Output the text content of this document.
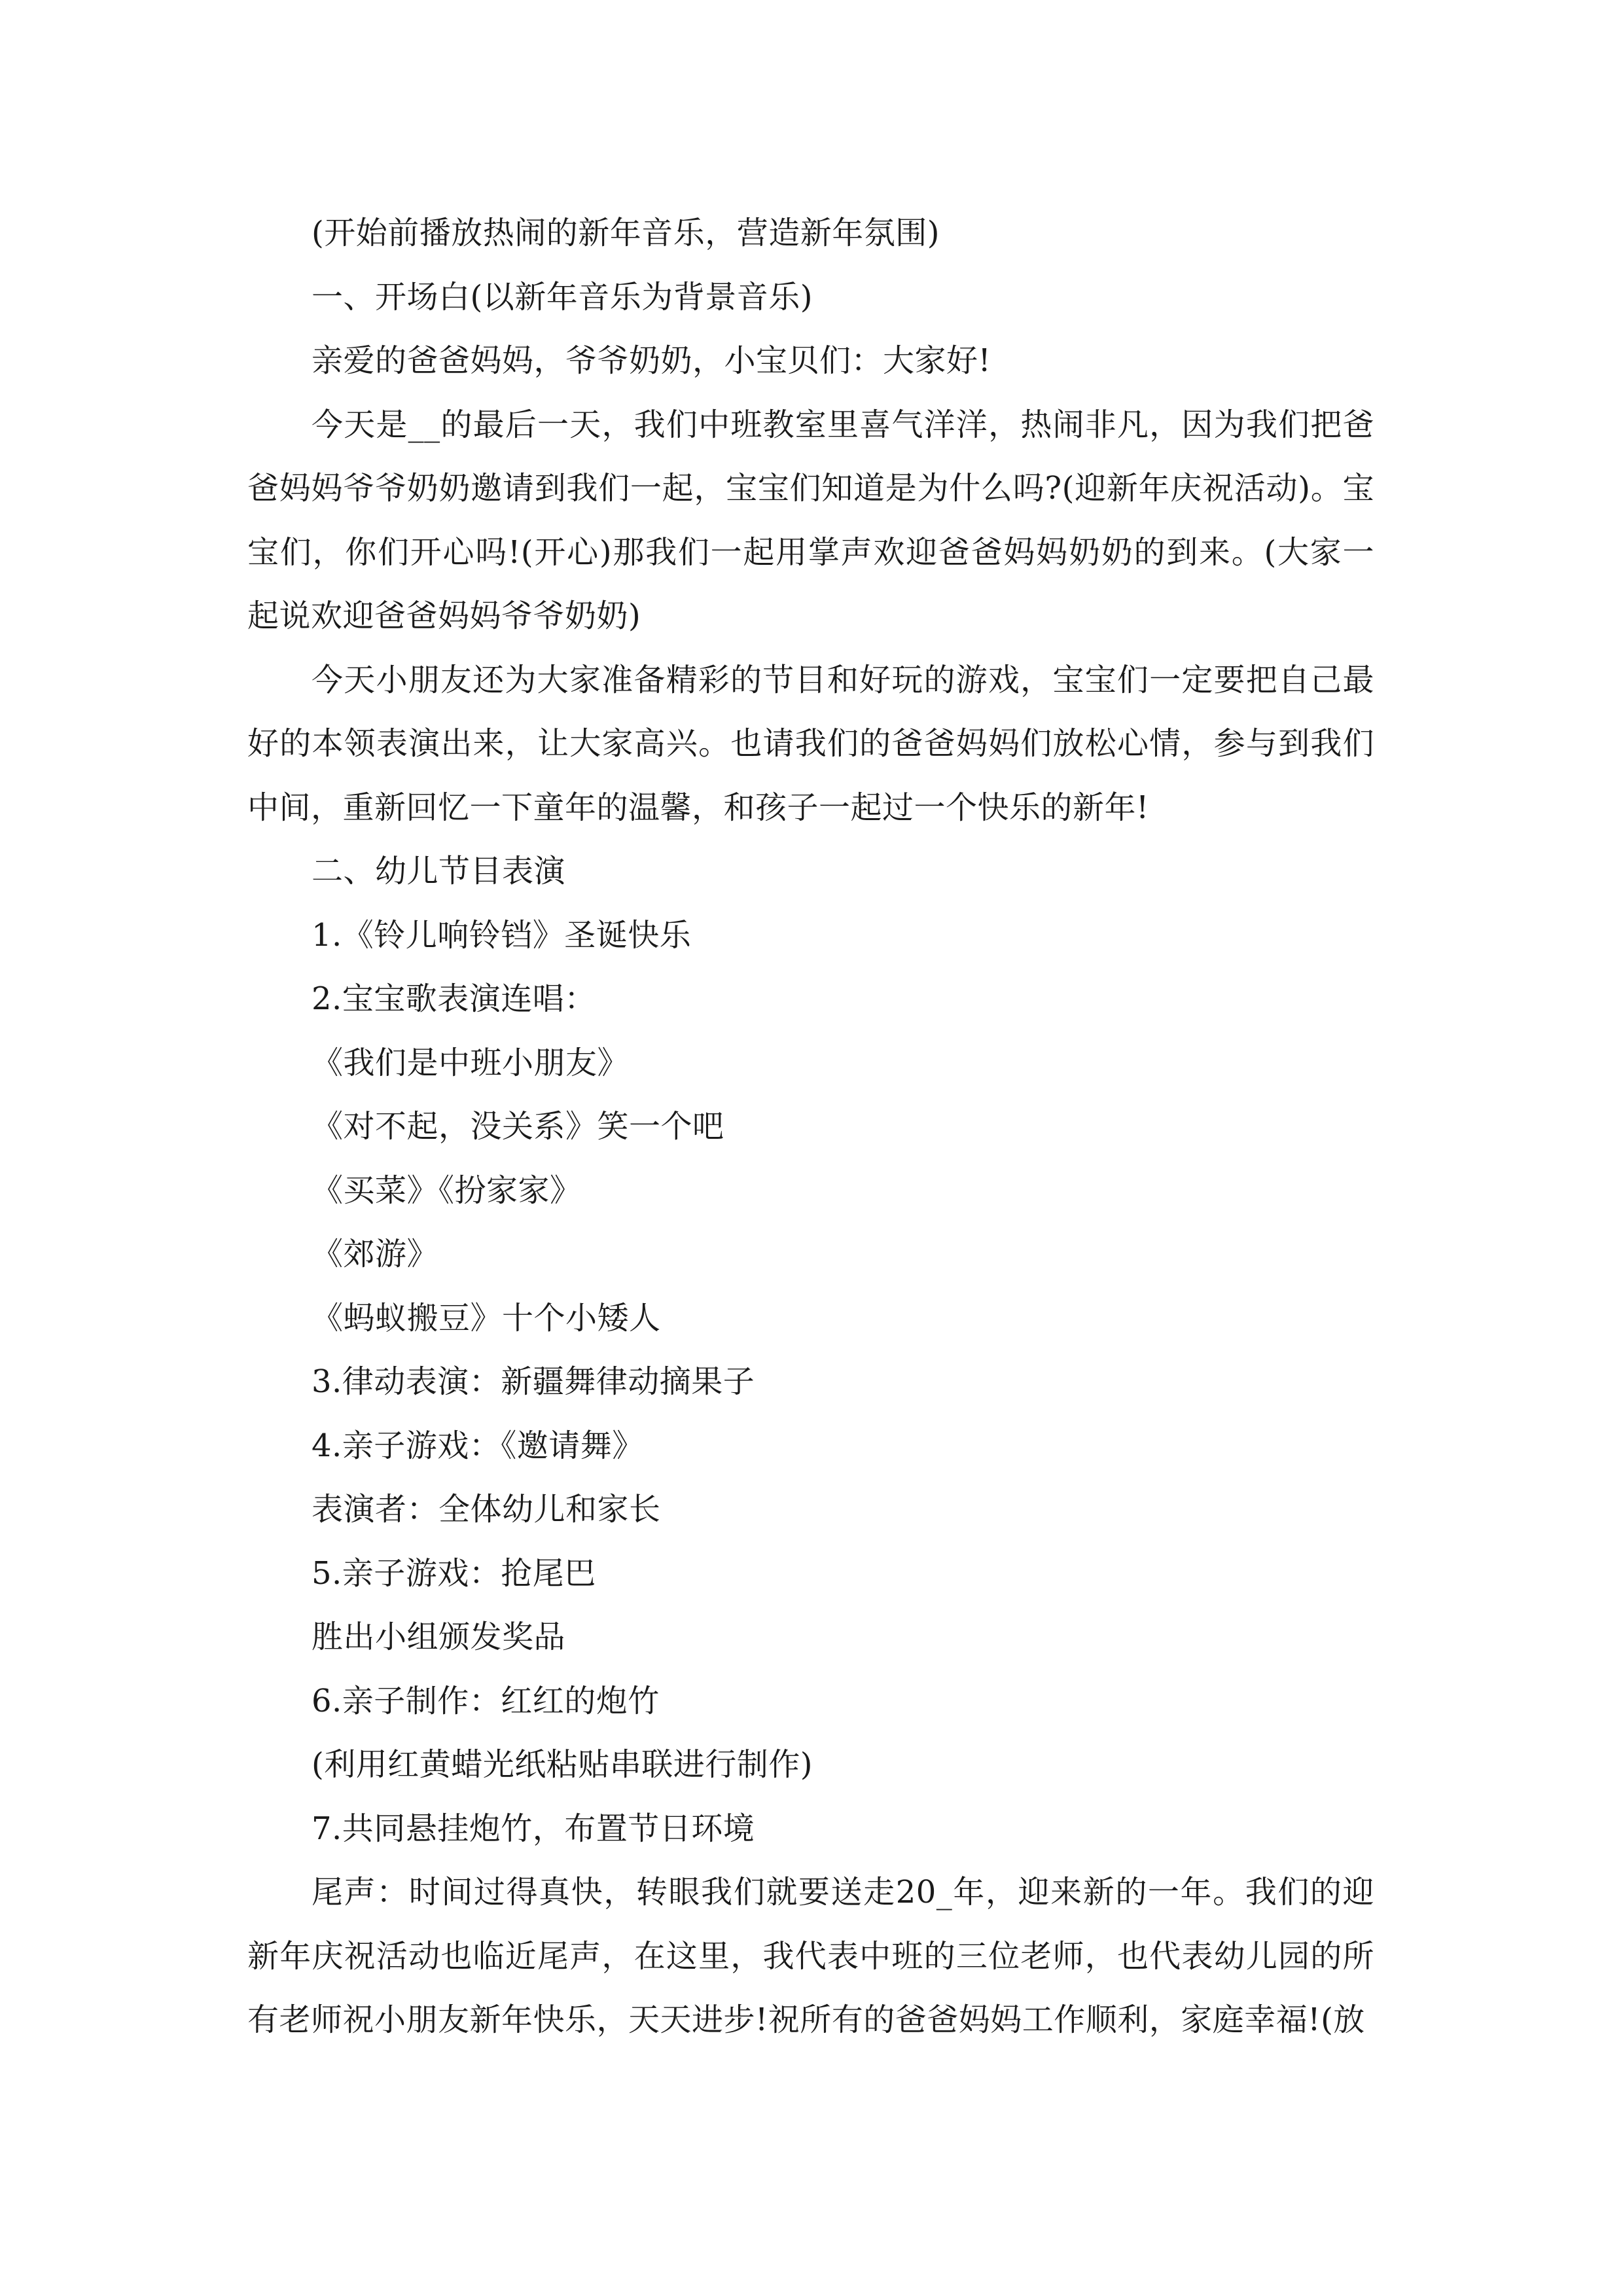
(开始前播放热闹的新年音乐，营造新年氛围)

一、开场白(以新年音乐为背景音乐)

亲爱的爸爸妈妈，爷爷奶奶，小宝贝们：大家好!

今天是__的最后一天，我们中班教室里喜气洋洋，热闹非凡，因为我们把爸爸妈妈爷爷奶奶邀请到我们一起，宝宝们知道是为什么吗?(迎新年庆祝活动)。宝宝们，你们开心吗!(开心)那我们一起用掌声欢迎爸爸妈妈奶奶的到来。(大家一起说欢迎爸爸妈妈爷爷奶奶)

今天小朋友还为大家准备精彩的节目和好玩的游戏，宝宝们一定要把自己最好的本领表演出来，让大家高兴。也请我们的爸爸妈妈们放松心情，参与到我们中间，重新回忆一下童年的温馨，和孩子一起过一个快乐的新年!

二、幼儿节目表演

1.《铃儿响铃铛》圣诞快乐

2.宝宝歌表演连唱：

《我们是中班小朋友》

《对不起，没关系》笑一个吧

《买菜》《扮家家》

《郊游》

《蚂蚁搬豆》十个小矮人

3.律动表演：新疆舞律动摘果子

4.亲子游戏：《邀请舞》

表演者：全体幼儿和家长

5.亲子游戏：抢尾巴

胜出小组颁发奖品

6.亲子制作：红红的炮竹

(利用红黄蜡光纸粘贴串联进行制作)

7.共同悬挂炮竹，布置节日环境

尾声：时间过得真快，转眼我们就要送走20_年，迎来新的一年。我们的迎新年庆祝活动也临近尾声，在这里，我代表中班的三位老师，也代表幼儿园的所有老师祝小朋友新年快乐，天天进步!祝所有的爸爸妈妈工作顺利，家庭幸福!(放
